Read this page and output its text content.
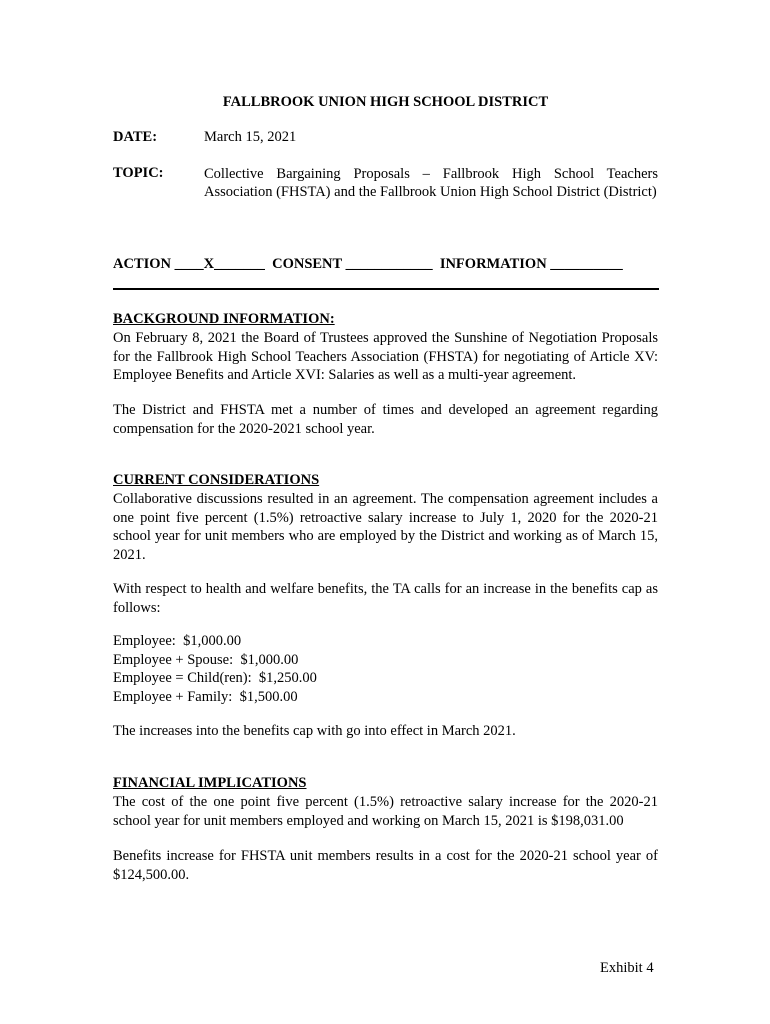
FALLBROOK UNION HIGH SCHOOL DISTRICT

DATE:	March 15, 2021
TOPIC:	Collective Bargaining Proposals – Fallbrook High School Teachers Association (FHSTA) and the Fallbrook Union High School District (District)

ACTION ____X_______  CONSENT ____________  INFORMATION __________

BACKGROUND INFORMATION:

On February 8, 2021 the Board of Trustees approved the Sunshine of Negotiation Proposals for the Fallbrook High School Teachers Association (FHSTA) for negotiating of Article XV: Employee Benefits and Article XVI: Salaries as well as a multi-year agreement.

The District and FHSTA met a number of times and developed an agreement regarding compensation for the 2020-2021 school year.

CURRENT CONSIDERATIONS

Collaborative discussions resulted in an agreement. The compensation agreement includes a one point five percent (1.5%) retroactive salary increase to July 1, 2020 for the 2020-21 school year for unit members who are employed by the District and working as of March 15, 2021.

With respect to health and welfare benefits, the TA calls for an increase in the benefits cap as follows:

Employee:  $1,000.00
Employee + Spouse:  $1,000.00
Employee = Child(ren):  $1,250.00
Employee + Family:  $1,500.00

The increases into the benefits cap with go into effect in March 2021.

FINANCIAL IMPLICATIONS

The cost of the one point five percent (1.5%) retroactive salary increase for the 2020-21 school year for unit members employed and working on March 15, 2021 is $198,031.00

Benefits increase for FHSTA unit members results in a cost for the 2020-21 school year of $124,500.00.

Exhibit 4
